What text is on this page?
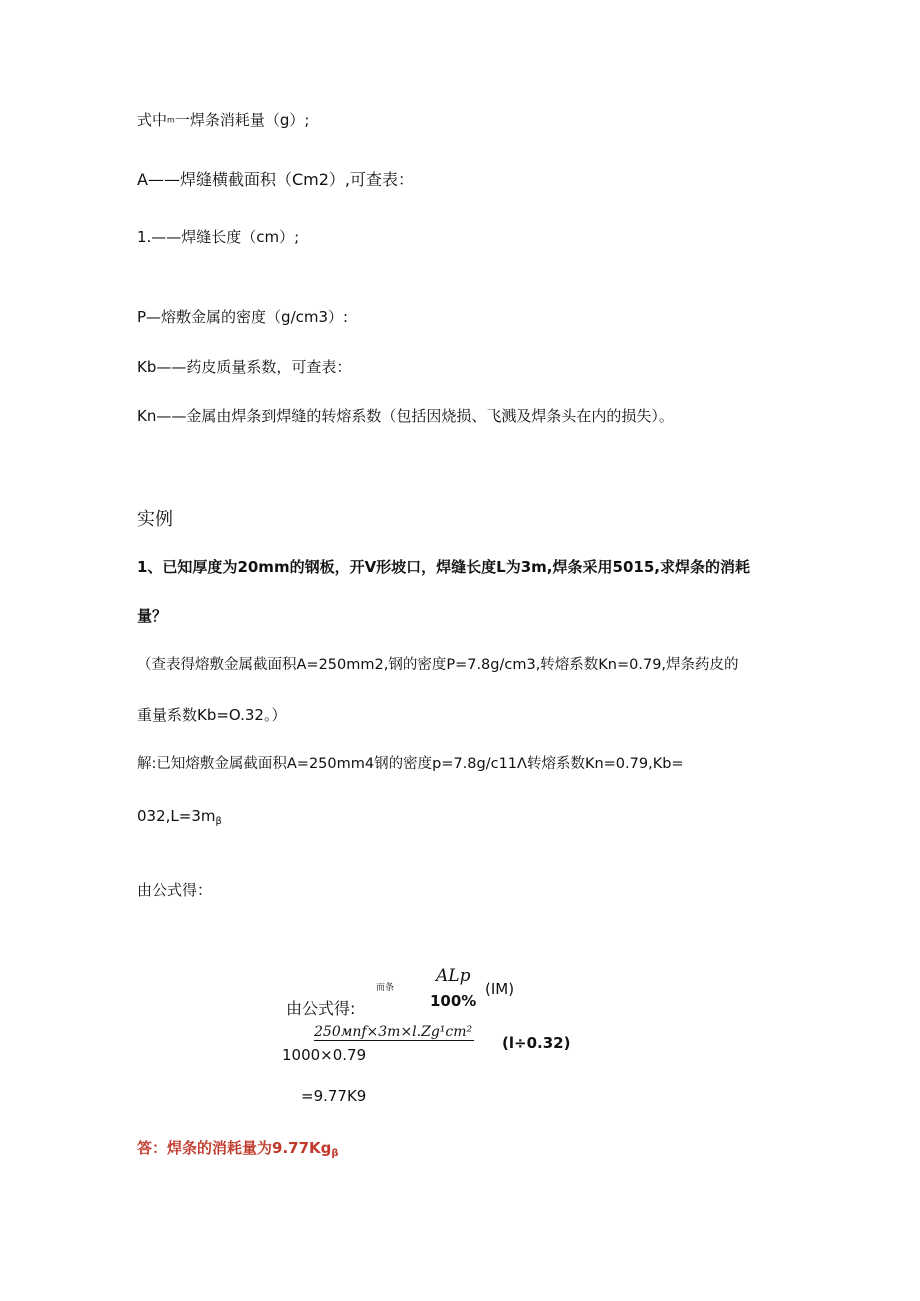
式中m一焊条消耗量（g）;
A——焊缝横截面积（Cm2）,可查表：
1.——焊缝长度（cm）;
P—熔敷金属的密度（g/cm3）:
Kb——药皮质量系数，可查表：
Kn——金属由焊条到焊缝的转熔系数（包括因烧损、飞溅及焊条头在内的损失）。
实例
1、已知厚度为20mm的钢板，开V形坡口，焊缝长度L为3m,焊条采用5015,求焊条的消耗
量？
（查表得熔敷金属截面积A=250mm2,钢的密度P=7.8g∕cm3,转熔系数Kn=0.79,焊条药皮的
重量系数Kb=O.32。）
解:已知熔敷金属截面积A=250mm4钢的密度p=7.8g∕c11Λ转熔系数Kn=0.79,Kb=
$032,L=3m_\beta$
由公式得：
ALp
而条	(IM)
100%
由公式得:
250мnf×3m×l.Zg¹cm²
(l÷0.32)
1000×0.79
=9.77K9
答：焊条的消耗量为$9.77Kg_\beta$
